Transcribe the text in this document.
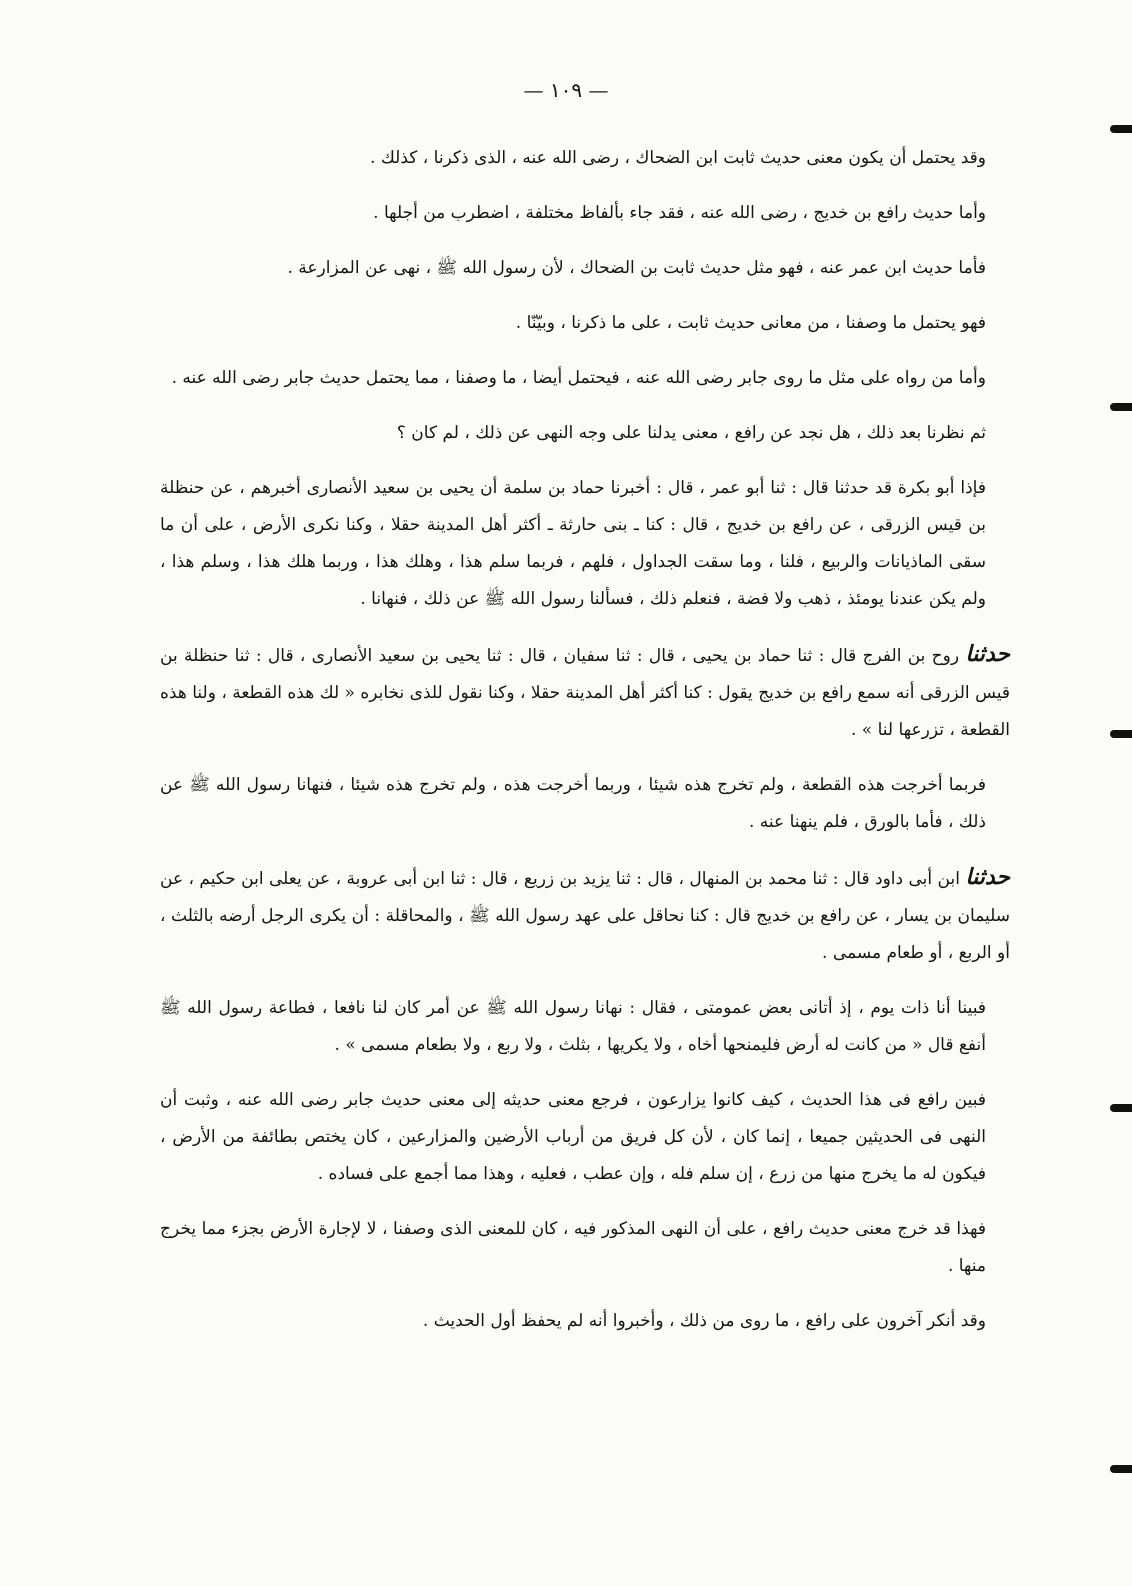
— ١٠٩ —

وقد يحتمل أن يكون معنى حديث ثابت ابن الضحاك ، رضى الله عنه ، الذى ذكرنا ، كذلك .

وأما حديث رافع بن خديج ، رضى الله عنه ، فقد جاء بألفاظ مختلفة ، اضطرب من أجلها .

فأما حديث ابن عمر عنه ، فهو مثل حديث ثابت بن الضحاك ، لأن رسول الله ﷺ ، نهى عن المزارعة .

فهو يحتمل ما وصفنا ، من معانى حديث ثابت ، على ما ذكرنا ، وبيّنّا .

وأما من رواه على مثل ما روى جابر رضى الله عنه ، فيحتمل أيضا ، ما وصفنا ، مما يحتمل حديث جابر رضى الله عنه .

ثم نظرنا بعد ذلك ، هل نجد عن رافع ، معنى يدلنا على وجه النهى عن ذلك ، لم كان ؟

فإذا أبو بكرة قد حدثنا قال : ثنا أبو عمر ، قال : أخبرنا حماد بن سلمة أن يحيى بن سعيد الأنصارى أخبرهم ، عن حنظلة بن قيس الزرقى ، عن رافع بن خديج ، قال : كنا ـ بنى حارثة ـ أكثر أهل المدينة حقلا ، وكنا نكرى الأرض ، على أن ما سقى الماذيانات والربيع ، فلنا ، وما سقت الجداول ، فلهم ، فربما سلم هذا ، وهلك هذا ، وربما هلك هذا ، وسلم هذا ، ولم يكن عندنا يومئذ ، ذهب ولا فضة ، فنعلم ذلك ، فسألنا رسول الله ﷺ عن ذلك ، فنهانا .

حدثنا روح بن الفرج قال : ثنا حماد بن يحيى ، قال : ثنا سفيان ، قال : ثنا يحيى بن سعيد الأنصارى ، قال : ثنا حنظلة بن قيس الزرقى أنه سمع رافع بن خديج يقول : كنا أكثر أهل المدينة حقلا ، وكنا نقول للذى نخابره « لك هذه القطعة ، ولنا هذه القطعة ، تزرعها لنا » .

فربما أخرجت هذه القطعة ، ولم تخرج هذه شيئا ، وربما أخرجت هذه ، ولم تخرج هذه شيئا ، فنهانا رسول الله ﷺ عن ذلك ، فأما بالورق ، فلم ينهنا عنه .

حدثنا ابن أبى داود قال : ثنا محمد بن المنهال ، قال : ثنا يزيد بن زريع ، قال : ثنا ابن أبى عروبة ، عن يعلى ابن حكيم ، عن سليمان بن يسار ، عن رافع بن خديج قال : كنا نحاقل على عهد رسول الله ﷺ ، والمحاقلة : أن يكرى الرجل أرضه بالثلث ، أو الربع ، أو طعام مسمى .

فبينا أنا ذات يوم ، إذ أتانى بعض عمومتى ، فقال : نهانا رسول الله ﷺ عن أمر كان لنا نافعا ، فطاعة رسول الله ﷺ أنفع قال « من كانت له أرض فليمنحها أخاه ، ولا يكريها ، بثلث ، ولا ربع ، ولا بطعام مسمى » .

فبين رافع فى هذا الحديث ، كيف كانوا يزارعون ، فرجع معنى حديثه إلى معنى حديث جابر رضى الله عنه ، وثبت أن النهى فى الحديثين جميعا ، إنما كان ، لأن كل فريق من أرباب الأرضين والمزارعين ، كان يختص بطائفة من الأرض ، فيكون له ما يخرج منها من زرع ، إن سلم فله ، وإن عطب ، فعليه ، وهذا مما أجمع على فساده .

فهذا قد خرج معنى حديث رافع ، على أن النهى المذكور فيه ، كان للمعنى الذى وصفنا ، لا لإجارة الأرض بجزء مما يخرج منها .

وقد أنكر آخرون على رافع ، ما روى من ذلك ، وأخبروا أنه لم يحفظ أول الحديث .
